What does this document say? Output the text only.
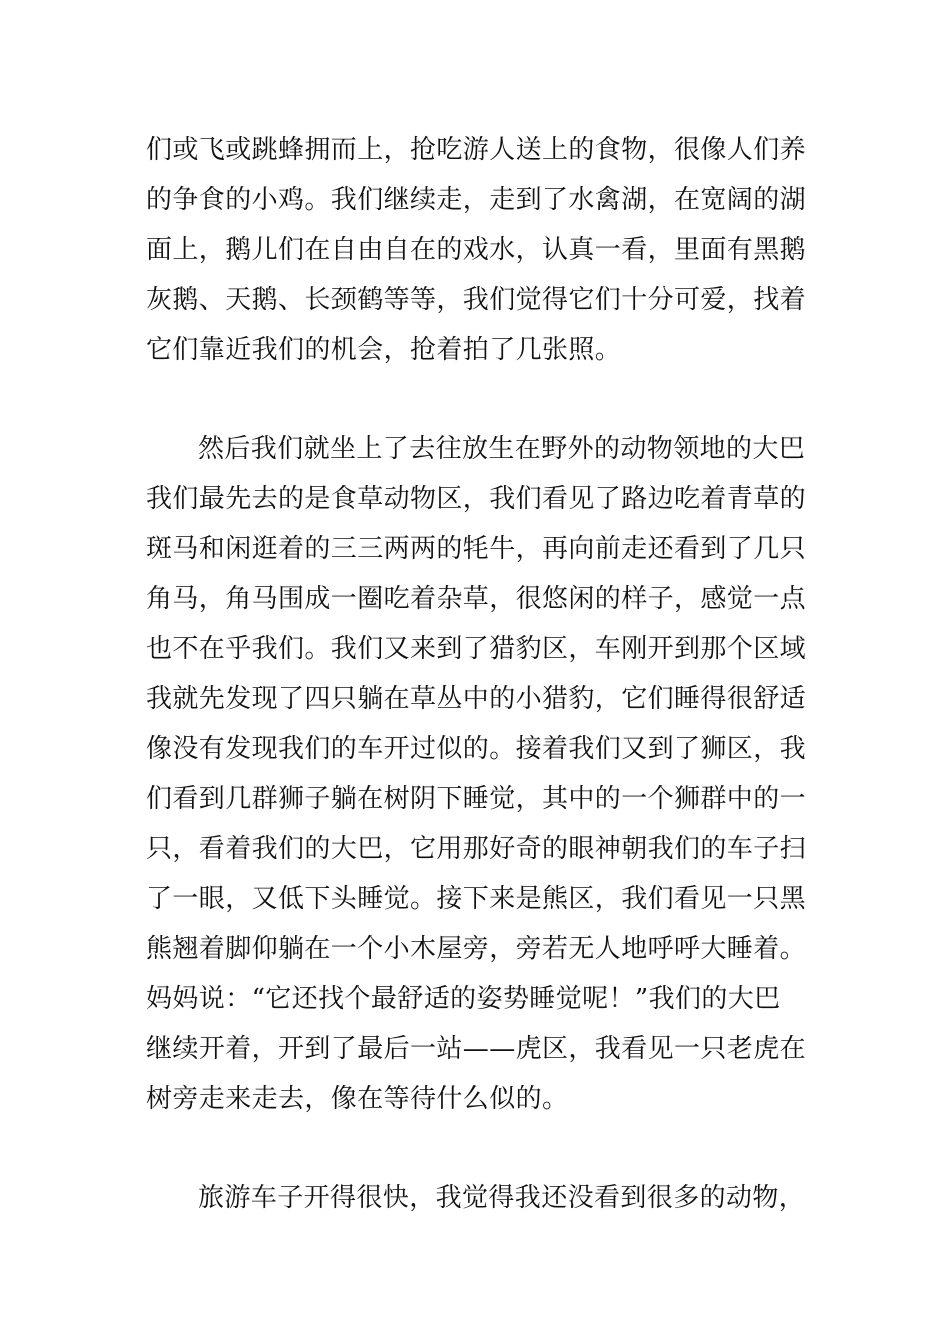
们或飞或跳蜂拥而上，抢吃游人送上的食物，很像人们养

的争食的小鸡。我们继续走，走到了水禽湖，在宽阔的湖

面上，鹅儿们在自由自在的戏水，认真一看，里面有黑鹅

灰鹅、天鹅、长颈鹤等等，我们觉得它们十分可爱，找着

它们靠近我们的机会，抢着拍了几张照。

然后我们就坐上了去往放生在野外的动物领地的大巴

我们最先去的是食草动物区，我们看见了路边吃着青草的

斑马和闲逛着的三三两两的牦牛，再向前走还看到了几只

角马，角马围成一圈吃着杂草，很悠闲的样子，感觉一点

也不在乎我们。我们又来到了猎豹区，车刚开到那个区域

我就先发现了四只躺在草丛中的小猎豹，它们睡得很舒适

像没有发现我们的车开过似的。接着我们又到了狮区，我

们看到几群狮子躺在树阴下睡觉，其中的一个狮群中的一

只，看着我们的大巴，它用那好奇的眼神朝我们的车子扫

了一眼，又低下头睡觉。接下来是熊区，我们看见一只黑

熊翘着脚仰躺在一个小木屋旁，旁若无人地呼呼大睡着。

妈妈说：“它还找个最舒适的姿势睡觉呢！”我们的大巴

继续开着，开到了最后一站——虎区，我看见一只老虎在

树旁走来走去，像在等待什么似的。

旅游车子开得很快，我觉得我还没看到很多的动物，
